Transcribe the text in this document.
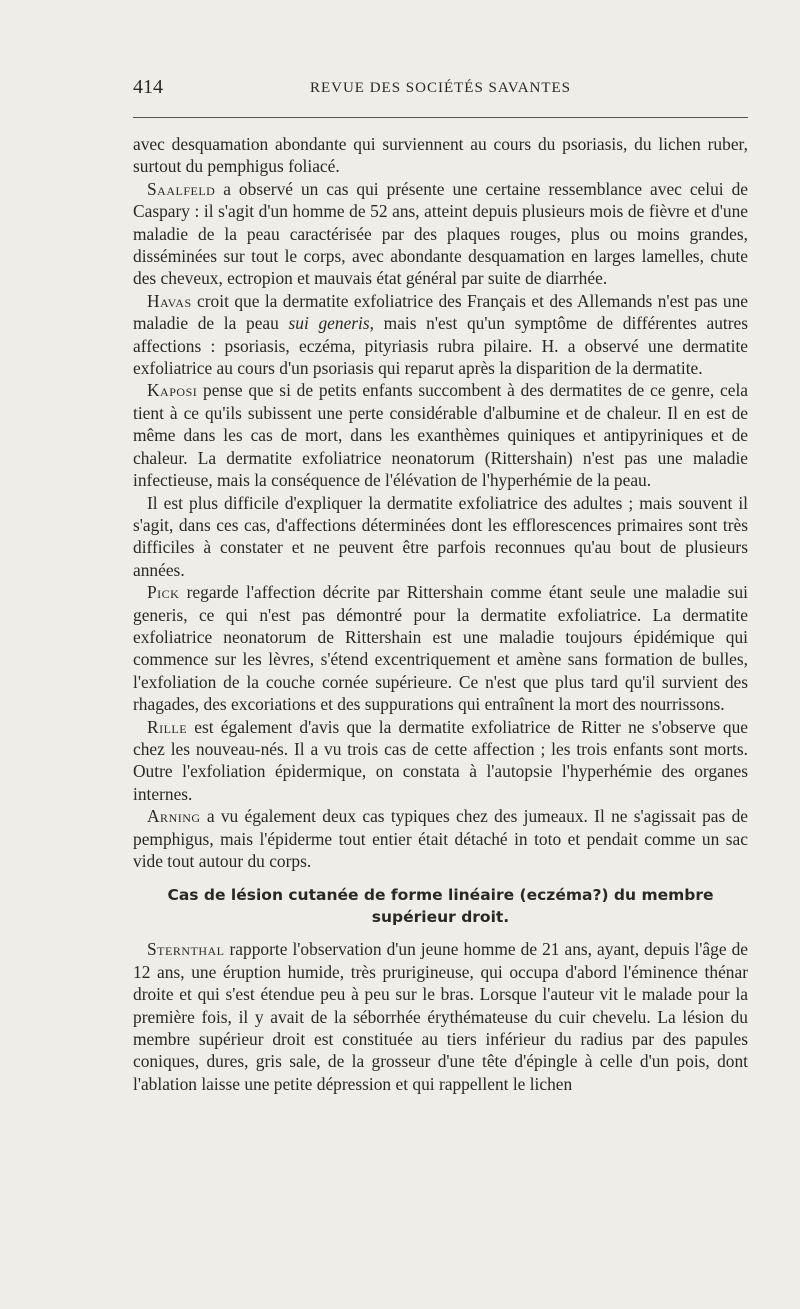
414	REVUE DES SOCIÉTÉS SAVANTES

avec desquamation abondante qui surviennent au cours du psoriasis, du lichen ruber, surtout du pemphigus foliacé.

Saalfeld a observé un cas qui présente une certaine ressemblance avec celui de Caspary : il s'agit d'un homme de 52 ans, atteint depuis plusieurs mois de fièvre et d'une maladie de la peau caractérisée par des plaques rouges, plus ou moins grandes, disséminées sur tout le corps, avec abondante desquamation en larges lamelles, chute des cheveux, ectropion et mauvais état général par suite de diarrhée.

Havas croit que la dermatite exfoliatrice des Français et des Allemands n'est pas une maladie de la peau sui generis, mais n'est qu'un symptôme de différentes autres affections : psoriasis, eczéma, pityriasis rubra pilaire. H. a observé une dermatite exfoliatrice au cours d'un psoriasis qui reparut après la disparition de la dermatite.

Kaposi pense que si de petits enfants succombent à des dermatites de ce genre, cela tient à ce qu'ils subissent une perte considérable d'albumine et de chaleur. Il en est de même dans les cas de mort, dans les exanthèmes quiniques et antipyriniques et de chaleur. La dermatite exfoliatrice neonatorum (Rittershain) n'est pas une maladie infectieuse, mais la conséquence de l'élévation de l'hyperhémie de la peau.

Il est plus difficile d'expliquer la dermatite exfoliatrice des adultes ; mais souvent il s'agit, dans ces cas, d'affections déterminées dont les efflorescences primaires sont très difficiles à constater et ne peuvent être parfois reconnues qu'au bout de plusieurs années.

Pick regarde l'affection décrite par Rittershain comme étant seule une maladie sui generis, ce qui n'est pas démontré pour la dermatite exfoliatrice. La dermatite exfoliatrice neonatorum de Rittershain est une maladie toujours épidémique qui commence sur les lèvres, s'étend excentriquement et amène sans formation de bulles, l'exfoliation de la couche cornée supérieure. Ce n'est que plus tard qu'il survient des rhagades, des excoriations et des suppurations qui entraînent la mort des nourrissons.

Rille est également d'avis que la dermatite exfoliatrice de Ritter ne s'observe que chez les nouveau-nés. Il a vu trois cas de cette affection ; les trois enfants sont morts. Outre l'exfoliation épidermique, on constata à l'autopsie l'hyperhémie des organes internes.

Arning a vu également deux cas typiques chez des jumeaux. Il ne s'agissait pas de pemphigus, mais l'épiderme tout entier était détaché in toto et pendait comme un sac vide tout autour du corps.

Cas de lésion cutanée de forme linéaire (eczéma?) du membre supérieur droit.

Sternthal rapporte l'observation d'un jeune homme de 21 ans, ayant, depuis l'âge de 12 ans, une éruption humide, très prurigineuse, qui occupa d'abord l'éminence thénar droite et qui s'est étendue peu à peu sur le bras. Lorsque l'auteur vit le malade pour la première fois, il y avait de la séborrhée érythémateuse du cuir chevelu. La lésion du membre supérieur droit est constituée au tiers inférieur du radius par des papules coniques, dures, gris sale, de la grosseur d'une tête d'épingle à celle d'un pois, dont l'ablation laisse une petite dépression et qui rappellent le lichen
